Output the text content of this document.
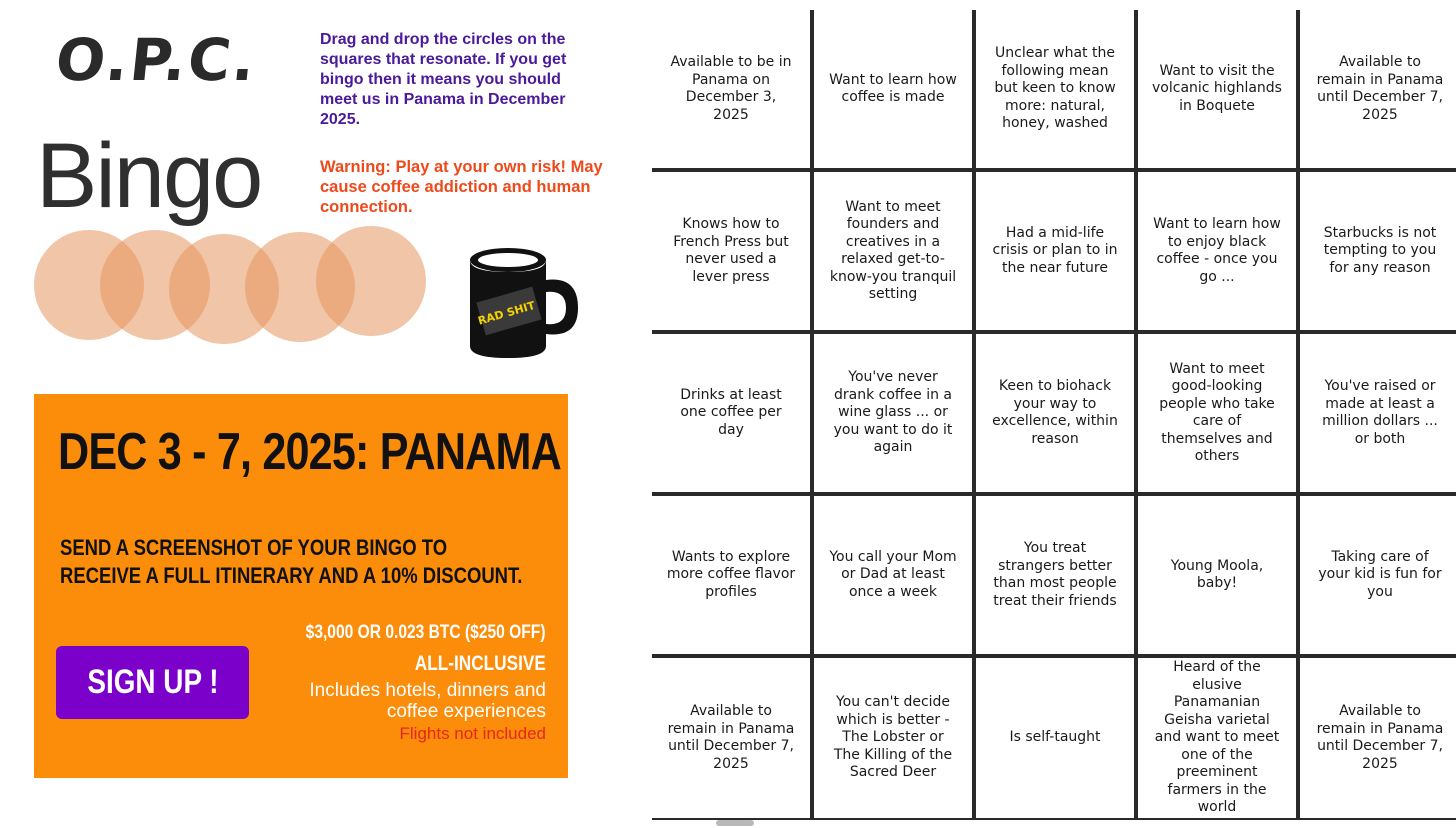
O.P.C.
Bingo
Drag and drop the circles on the squares that resonate. If you get bingo then it means you should meet us in Panama in December 2025.
Warning: Play at your own risk! May cause coffee addiction and human connection.
RAD SHIT
DEC 3 - 7, 2025: PANAMA
SEND A SCREENSHOT OF YOUR BINGO TO RECEIVE A FULL ITINERARY AND A 10% DISCOUNT.
SIGN UP !
$3,000 OR 0.023 BTC ($250 OFF)
ALL-INCLUSIVE
Includes hotels, dinners and coffee experiences
Flights not included
Available to be in Panama on December 3, 2025
Want to learn how coffee is made
Unclear what the following mean but keen to know more: natural, honey, washed
Want to visit the volcanic highlands in Boquete
Available to remain in Panama until December 7, 2025
Knows how to French Press but never used a lever press
Want to meet founders and creatives in a relaxed get-to-know-you tranquil setting
Had a mid-life crisis or plan to in the near future
Want to learn how to enjoy black coffee - once you go ...
Starbucks is not tempting to you for any reason
Drinks at least one coffee per day
You've never drank coffee in a wine glass ... or you want to do it again
Keen to biohack your way to excellence, within reason
Want to meet good-looking people who take care of themselves and others
You've raised or made at least a million dollars ... or both
Wants to explore more coffee flavor profiles
You call your Mom or Dad at least once a week
You treat strangers better than most people treat their friends
Young Moola, baby!
Taking care of your kid is fun for you
Available to remain in Panama until December 7, 2025
You can't decide which is better - The Lobster or The Killing of the Sacred Deer
Is self-taught
Heard of the elusive Panamanian Geisha varietal and want to meet one of the preeminent farmers in the world
Available to remain in Panama until December 7, 2025
